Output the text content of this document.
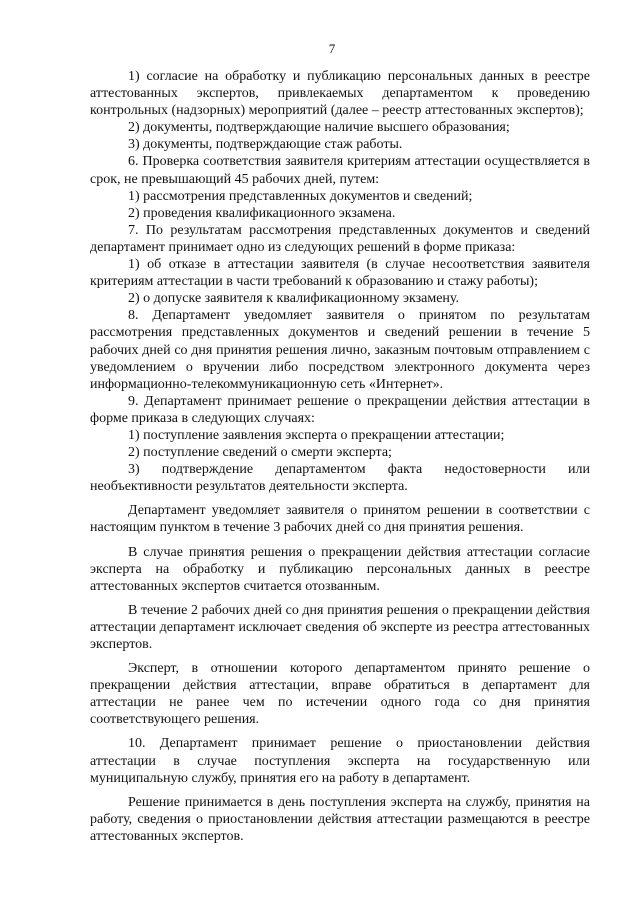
7

1) согласие на обработку и публикацию персональных данных в реестре аттестованных экспертов, привлекаемых департаментом к проведению контрольных (надзорных) мероприятий (далее – реестр аттестованных экспертов);

2) документы, подтверждающие наличие высшего образования;

3) документы, подтверждающие стаж работы.

6. Проверка соответствия заявителя критериям аттестации осуществляется в срок, не превышающий 45 рабочих дней, путем:

1) рассмотрения представленных документов и сведений;

2) проведения квалификационного экзамена.

7. По результатам рассмотрения представленных документов и сведений департамент принимает одно из следующих решений в форме приказа:

1) об отказе в аттестации заявителя (в случае несоответствия заявителя критериям аттестации в части требований к образованию и стажу работы);

2) о допуске заявителя к квалификационному экзамену.

8. Департамент уведомляет заявителя о принятом по результатам рассмотрения представленных документов и сведений решении в течение 5 рабочих дней со дня принятия решения лично, заказным почтовым отправлением с уведомлением о вручении либо посредством электронного документа через информационно-телекоммуникационную сеть «Интернет».

9. Департамент принимает решение о прекращении действия аттестации в форме приказа в следующих случаях:

1) поступление заявления эксперта о прекращении аттестации;

2) поступление сведений о смерти эксперта;

3) подтверждение департаментом факта недостоверности или необъективности результатов деятельности эксперта.

Департамент уведомляет заявителя о принятом решении в соответствии с настоящим пунктом в течение 3 рабочих дней со дня принятия решения.

В случае принятия решения о прекращении действия аттестации согласие эксперта на обработку и публикацию персональных данных в реестре аттестованных экспертов считается отозванным.

В течение 2 рабочих дней со дня принятия решения о прекращении действия аттестации департамент исключает сведения об эксперте из реестра аттестованных экспертов.

Эксперт, в отношении которого департаментом принято решение о прекращении действия аттестации, вправе обратиться в департамент для аттестации не ранее чем по истечении одного года со дня принятия соответствующего решения.

10. Департамент принимает решение о приостановлении действия аттестации в случае поступления эксперта на государственную или муниципальную службу, принятия его на работу в департамент.

Решение принимается в день поступления эксперта на службу, принятия на работу, сведения о приостановлении действия аттестации размещаются в реестре аттестованных экспертов.
